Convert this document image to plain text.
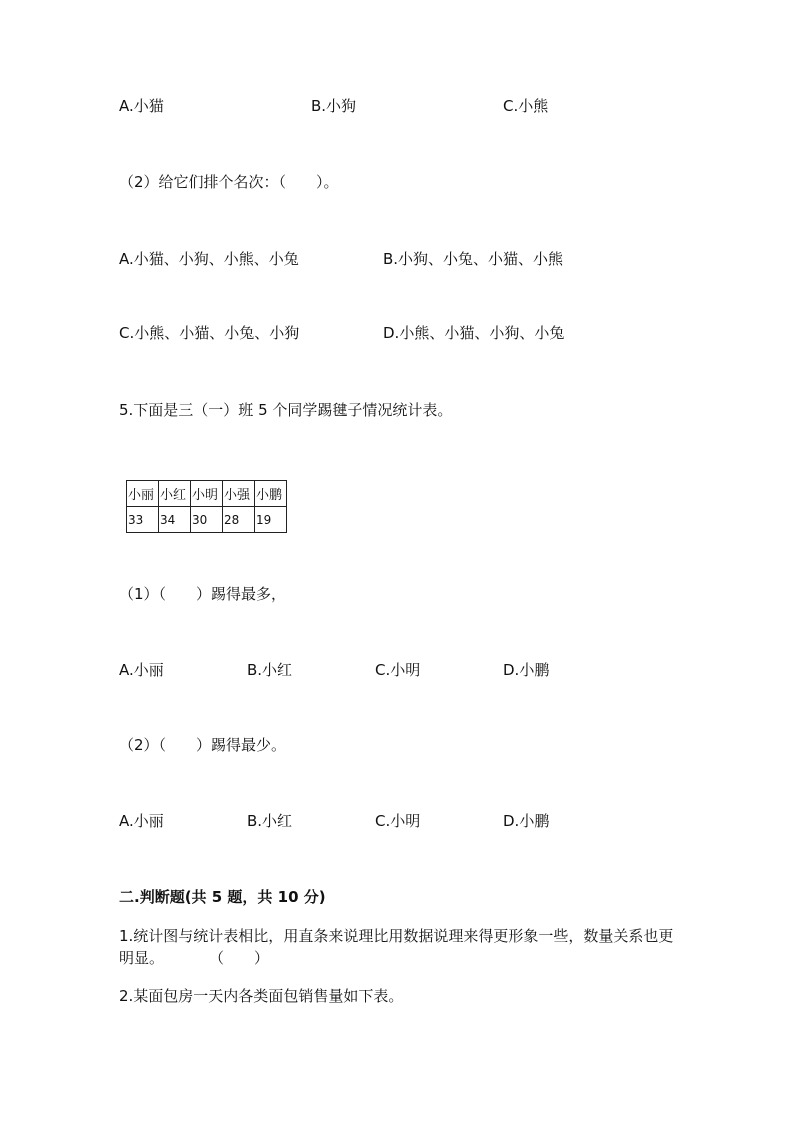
A.小猫	B.小狗	C.小熊
（2）给它们排个名次：（　　）。
A.小猫、小狗、小熊、小兔	B.小狗、小兔、小猫、小熊
C.小熊、小猫、小兔、小狗	D.小熊、小猫、小狗、小兔
5.下面是三（一）班 5 个同学踢毽子情况统计表。
小丽	小红	小明	小强	小鹏
33	34	30	28	19
（1）（　　）踢得最多，
A.小丽	B.小红	C.小明	D.小鹏
（2）（　　）踢得最少。
A.小丽	B.小红	C.小明	D.小鹏
二.判断题(共 5 题，共 10 分)
1.统计图与统计表相比，用直条来说理比用数据说理来得更形象一些，数量关系也更明显。　　　　（　　）
2.某面包房一天内各类面包销售量如下表。
